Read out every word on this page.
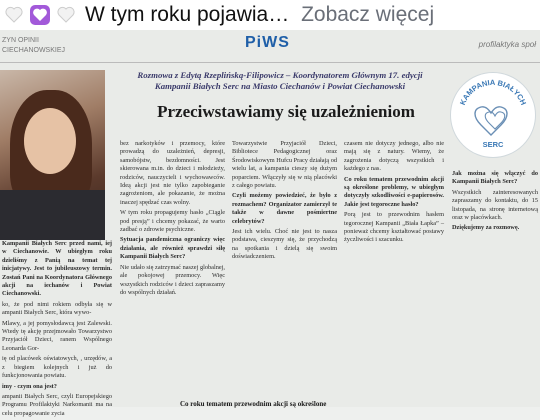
W tym roku pojawia… Zobacz więcej
ZYN OPINII
CIECHANOWSKIEJ	PiWS	profilaktyka społ
Rozmowa z Edytą Rzeplińską-Filipowicz – Koordynatorem Głównym 17. edycji Kampanii Białych Serc na Miasto Ciechanów i Powiat Ciechanowski
Przeciwstawiamy się uzależnieniom	KAMPANIA BIAŁYCH
SERC

Kampanii Białych Serc przed nami, iej w Ciechanowie. W ubiegłym roku dzieliśmy z Panią na temat tej inicjatywy. Jest to jubileuszowy termin. Zostań Pani na Koordynatora Głównego akcji na iechanów i Powiat Ciechanowski.

ko, że pod nimi rokiem odbyła się w ampanii Białych Serc, która wywo-

Mlawy, a jej pomysłodawcą jest Zalewski. Wtedy tę akcję przejmowało Towarzystwo Przyjaciół Dzieci, ranem Wspólnego Leonarda Gor-

ię od placówek oświatowych, , urzędów, a z biegiem kolejnych i już do funkcjonowania powiatu.

imy - czym ona jest?

ampanii Białych Serc, czyli Europejskiego Programu Profilaktyki Narkomanii ma na celu propagowanie zycia

bez narkotyków i przemocy, które prowadzą do uzależnień, depresji, samobójstw, bezdomności. Jest skierowana m.in. do dzieci i młodzieży, rodziców, nauczycieli i wychowawców. Ideą akcji jest nie tylko zapobieganie zagrożeniom, ale pokazanie, że można inaczej spędzać czas wolny.

W tym roku propagujemy hasło „Ciągle pod presją” i chcemy pokazać, że warto zadbać o zdrowie psychiczne.

Sytuacja pandemiczna ograniczy więc działania, ale również sprawdzi siłę Kampanii Białych Serc?

Nie udało się zatrzymać naszej globalnej, ale pokojowej przemocy. Więc wszystkich rodziców i dzieci zapraszamy do wspólnych działań.

Towarzystwie Przyjaciół Dzieci, Bibliotece Pedagogicznej oraz Środowiskowym Hufcu Pracy działają od wielu lat, a kampania cieszy się dużym poparciem. Włączyły się w nią placówki z całego powiatu.

Czyli możemy powiedzieć, że było z rozmachem? Organizator zamierzył te także w dawne pośmiertne celebrytów?

Jest ich wielu. Choć nie jest to nasza podstawa, cieszymy się, że przychodzą na spotkania i dzielą się swoim doświadczeniem.

czasem nie dotyczy jednego, albo nie mają się z natury. Wiemy, że zagrożenia dotyczą wszystkich i każdego z nas.

Co roku tematem przewodnim akcji są określone problemy, w ubiegłym dotyczyły szkodliwości e-papierosów. Jakie jest tegoroczne hasło?

Porą jest to przewodnim hasłem tegorocznej Kampanii „Biała Łapka” – ponieważ chcemy kształtować postawy życzliwości i szacunku.

Jak można się włączyć do Kampanii Białych Serc?

Wszystkich zainteresowanych zapraszamy do kontaktu, do 15 listopada, na stronę internetową oraz w placówkach.

Dziękujemy za rozmowę.

Co roku tematem przewodnim akcji są określone
